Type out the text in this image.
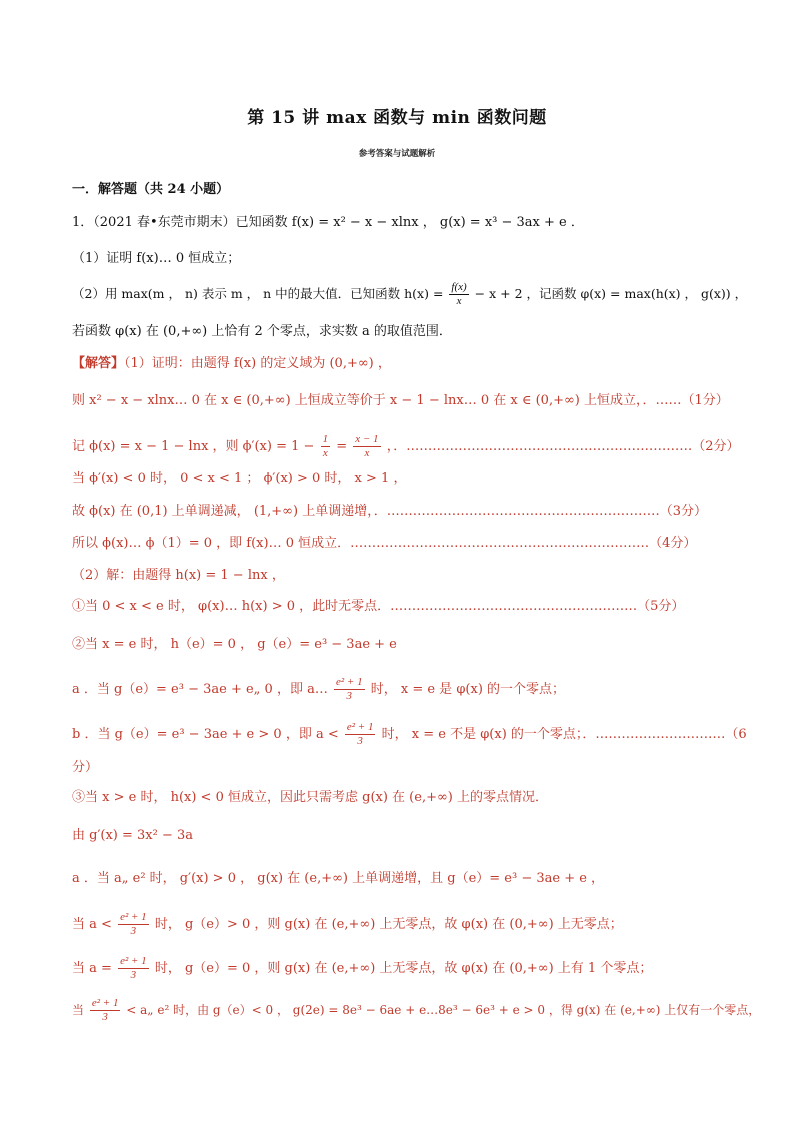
第 15 讲 max 函数与 min 函数问题
参考答案与试题解析
一．解答题（共 24 小题）
1．（2021 春•东莞市期末）已知函数 f(x) = x² − x − xlnx ， g(x) = x³ − 3ax + e ．
（1）证明 f(x)… 0 恒成立；
（2）用 max(m ， n) 表示 m ， n 中的最大值．已知函数 $h(x) = \frac{f(x)}{x} - x + 2$ ，记函数 φ(x) = max(h(x) ， g(x)) ，
若函数 φ(x) 在 (0,+∞) 上恰有 2 个零点，求实数 a 的取值范围．
【解答】（1）证明：由题得 f(x) 的定义域为 (0,+∞) ，
则 x² − x − xlnx… 0 在 x ∈ (0,+∞) 上恒成立等价于 x − 1 − lnx… 0 在 x ∈ (0,+∞) 上恒成立，．……（1分）
记 ϕ(x) = x − 1 − lnx ，则 $\phi'(x) = 1 - \frac{1}{x} = \frac{x - 1}{x}$ ，．…………………………………………………………（2分）
当 ϕ′(x) < 0 时， 0 < x < 1 ； ϕ′(x) > 0 时， x > 1 ，
故 ϕ(x) 在 (0,1) 上单调递减， (1,+∞) 上单调递增，．………………………………………………………（3分）
所以 ϕ(x)… ϕ（1）= 0 ，即 f(x)… 0 恒成立．……………………………………………………………（4分）
（2）解：由题得 h(x) = 1 − lnx ，
①当 0 < x < e 时， φ(x)… h(x) > 0 ，此时无零点．…………………………………………………（5分）
②当 x = e 时， h（e）= 0 ， g（e）= e³ − 3ae + e
a ．当 g（e）= e³ − 3ae + e„ 0 ，即 a… $\frac{\text{e² + 1}}{3}$ 时， x = e 是 φ(x) 的一个零点；
b ．当 g（e）= e³ − 3ae + e > 0 ，即 $a < \frac{\text{e² + 1}}{3}$ 时， x = e 不是 φ(x) 的一个零点；．…………………………（6
分）
③当 x > e 时， h(x) < 0 恒成立，因此只需考虑 g(x) 在 (e,+∞) 上的零点情况．
由 g′(x) = 3x² − 3a
a ．当 a„ e² 时， g′(x) > 0 ， g(x) 在 (e,+∞) 上单调递增，且 g（e）= e³ − 3ae + e ，
当 $a < \frac{\text{e² + 1}}{3}$ 时， g（e）> 0 ，则 g(x) 在 (e,+∞) 上无零点，故 φ(x) 在 (0,+∞) 上无零点；
当 $a = \frac{\text{e² + 1}}{3}$ 时， g（e）= 0 ，则 g(x) 在 (e,+∞) 上无零点，故 φ(x) 在 (0,+∞) 上有 1 个零点；
当 $\frac{\text{e² + 1}}{3}$ < a„ e² 时，由 g（e）< 0 ， g(2e) = 8e³ − 6ae + e…8e³ − 6e³ + e > 0 ，得 g(x) 在 (e,+∞) 上仅有一个零点，
